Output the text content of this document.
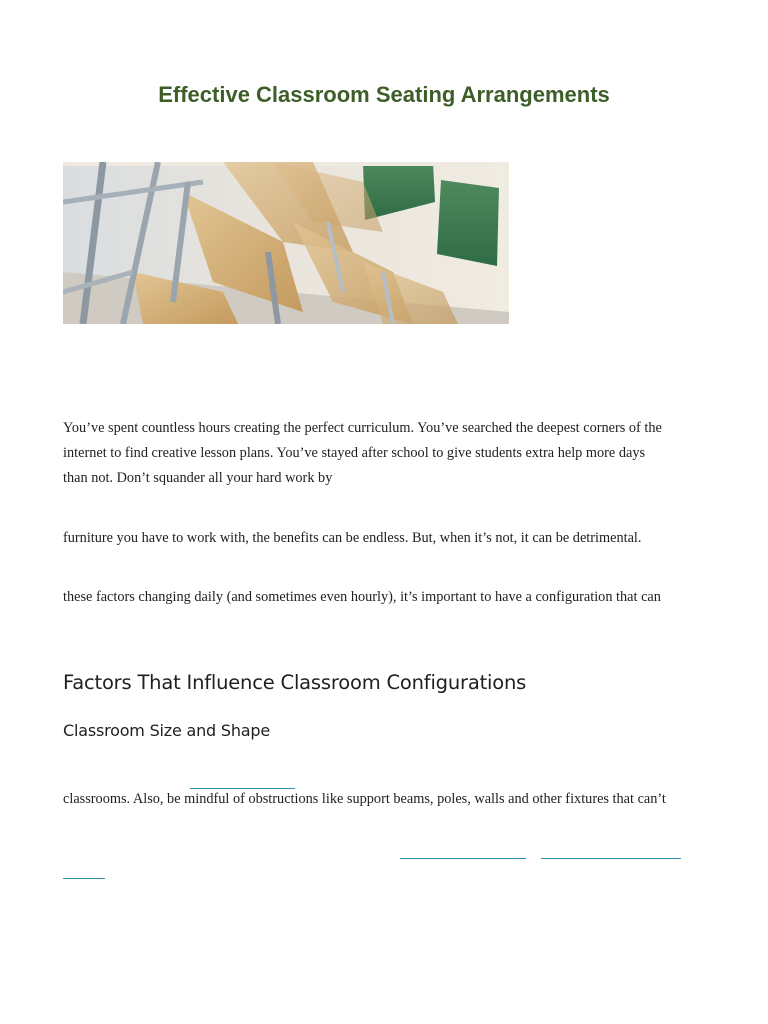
Effective Classroom Seating Arrangements

You’ve spent countless hours creating the perfect curriculum. You’ve searched the deepest corners of the

internet to find creative lesson plans. You’ve stayed after school to give students extra help more days

than not. Don’t squander all your hard work by

furniture you have to work with, the benefits can be endless. But, when it’s not, it can be detrimental.

these factors changing daily (and sometimes even hourly), it’s important to have a configuration that can

Factors That Influence Classroom Configurations
Classroom Size and Shape

classrooms. Also, be mindful of obstructions like support beams, poles, walls and other fixtures that can’t
